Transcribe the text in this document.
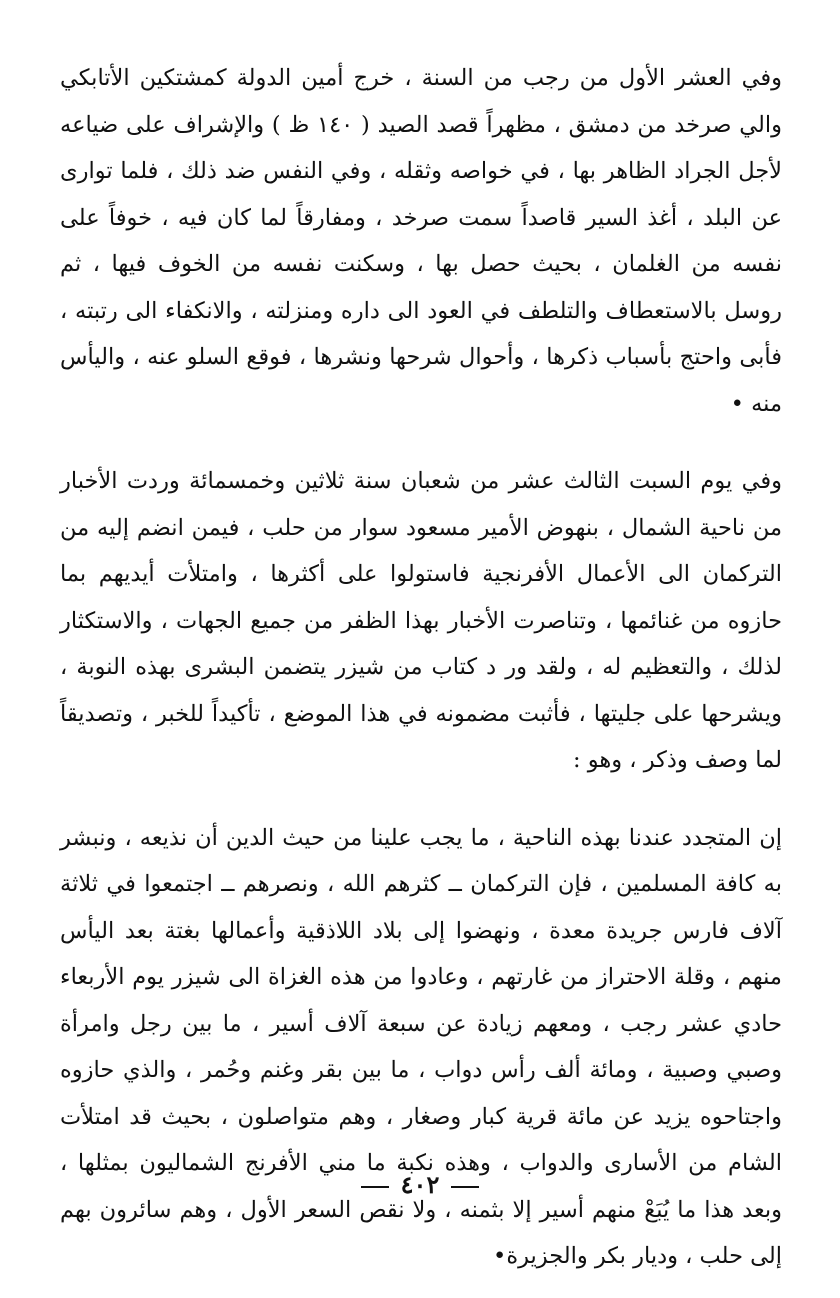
وفي العشر الأول من رجب من السنة ، خرج أمين الدولة كمشتكين الأتابكي والي صرخد من دمشق ، مظهراً قصد الصيد ( ١٤٠ ظ ) والإشراف على ضياعه لأجل الجراد الظاهر بها ، في خواصه وثقله ، وفي النفس ضد ذلك ، فلما توارى عن البلد ، أغذ السير قاصداً سمت صرخد ، ومفارقاً لما كان فيه ، خوفاً على نفسه من الغلمان ، بحيث حصل بها ، وسكنت نفسه من الخوف فيها ، ثم روسل بالاستعطاف والتلطف في العود الى داره ومنزلته ، والانكفاء الى رتبته ، فأبى واحتج بأسباب ذكرها ، وأحوال شرحها ونشرها ، فوقع السلو عنه ، واليأس منه •

وفي يوم السبت الثالث عشر من شعبان سنة ثلاثين وخمسمائة وردت الأخبار من ناحية الشمال ، بنهوض الأمير مسعود سوار من حلب ، فيمن انضم إليه من التركمان الى الأعمال الأفرنجية فاستولوا على أكثرها ، وامتلأت أيديهم بما حازوه من غنائمها ، وتناصرت الأخبار بهذا الظفر من جميع الجهات ، والاستكثار لذلك ، والتعظيم له ، ولقد ور د كتاب من شيزر يتضمن البشرى بهذه النوبة ، ويشرحها على جليتها ، فأثبت مضمونه في هذا الموضع ، تأكيداً للخبر ، وتصديقاً لما وصف وذكر ، وهو :

إن المتجدد عندنا بهذه الناحية ، ما يجب علينا من حيث الدين أن نذيعه ، ونبشر به كافة المسلمين ، فإن التركمان ــ كثرهم الله ، ونصرهم ــ اجتمعوا في ثلاثة آلاف فارس جريدة معدة ، ونهضوا إلى بلاد اللاذقية وأعمالها بغتة بعد اليأس منهم ، وقلة الاحتراز من غارتهم ، وعادوا من هذه الغزاة الى شيزر يوم الأربعاء حادي عشر رجب ، ومعهم زيادة عن سبعة آلاف أسير ، ما بين رجل وامرأة وصبي وصبية ، ومائة ألف رأس دواب ، ما بين بقر وغنم وحُمر ، والذي حازوه واجتاحوه يزيد عن مائة قرية كبار وصغار ، وهم متواصلون ، بحيث قد امتلأت الشام من الأسارى والدواب ، وهذه نكبة ما مني الأفرنج الشماليون بمثلها ، وبعد هذا ما يُبَعْ منهم أسير إلا بثمنه ، ولا نقص السعر الأول ، وهم سائرون بهم إلى حلب ، وديار بكر والجزيرة•

٤٠٢
